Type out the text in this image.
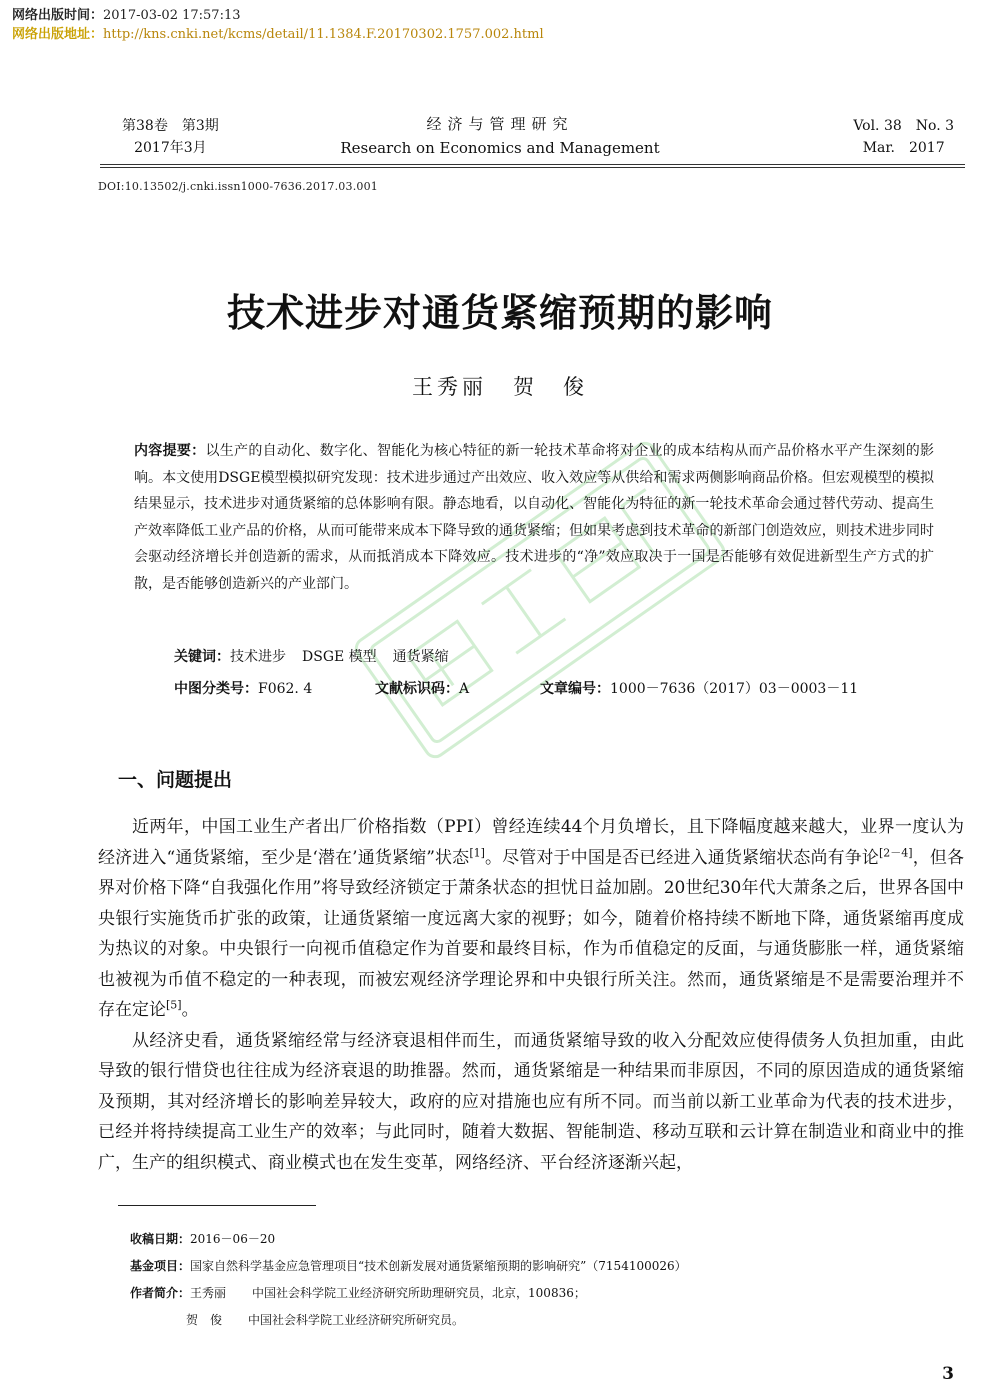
网络出版时间：2017-03-02 17:57:13
网络出版地址：http://kns.cnki.net/kcms/detail/11.1384.F.20170302.1757.002.html
第38卷　第3期
2017年3月
经济与管理研究
Research on Economics and Management
Vol. 38　No. 3
Mar.　2017
DOI:10.13502/j.cnki.issn1000-7636.2017.03.001
技术进步对通货紧缩预期的影响
王秀丽 贺　俊
内容提要：以生产的自动化、数字化、智能化为核心特征的新一轮技术革命将对企业的成本结构从而产品价格水平产生深刻的影响。本文使用DSGE模型模拟研究发现：技术进步通过产出效应、收入效应等从供给和需求两侧影响商品价格。但宏观模型的模拟结果显示，技术进步对通货紧缩的总体影响有限。静态地看，以自动化、智能化为特征的新一轮技术革命会通过替代劳动、提高生产效率降低工业产品的价格，从而可能带来成本下降导致的通货紧缩；但如果考虑到技术革命的新部门创造效应，则技术进步同时会驱动经济增长并创造新的需求，从而抵消成本下降效应。技术进步的“净”效应取决于一国是否能够有效促进新型生产方式的扩散，是否能够创造新兴的产业部门。
关键词：技术进步 DSGE 模型 通货紧缩
中图分类号：F062. 4	文献标识码：A	文章编号：1000－7636（2017）03－0003－11
一、问题提出

近两年，中国工业生产者出厂价格指数（PPI）曾经连续44个月负增长，且下降幅度越来越大，业界一度认为经济进入“通货紧缩，至少是‘潜在’通货紧缩”状态[1]。尽管对于中国是否已经进入通货紧缩状态尚有争论[2－4]，但各界对价格下降“自我强化作用”将导致经济锁定于萧条状态的担忧日益加剧。20世纪30年代大萧条之后，世界各国中央银行实施货币扩张的政策，让通货紧缩一度远离大家的视野；如今，随着价格持续不断地下降，通货紧缩再度成为热议的对象。中央银行一向视币值稳定作为首要和最终目标，作为币值稳定的反面，与通货膨胀一样，通货紧缩也被视为币值不稳定的一种表现，而被宏观经济学理论界和中央银行所关注。然而，通货紧缩是不是需要治理并不存在定论[5]。

从经济史看，通货紧缩经常与经济衰退相伴而生，而通货紧缩导致的收入分配效应使得债务人负担加重，由此导致的银行惜贷也往往成为经济衰退的助推器。然而，通货紧缩是一种结果而非原因，不同的原因造成的通货紧缩及预期，其对经济增长的影响差异较大，政府的应对措施也应有所不同。而当前以新工业革命为代表的技术进步，已经并将持续提高工业生产的效率；与此同时，随着大数据、智能制造、移动互联和云计算在制造业和商业中的推广，生产的组织模式、商业模式也在发生变革，网络经济、平台经济逐渐兴起，

收稿日期：2016－06－20
基金项目：国家自然科学基金应急管理项目“技术创新发展对通货紧缩预期的影响研究”（7154100026）
作者简介：王秀丽 中国社会科学院工业经济研究所助理研究员，北京，100836；
贺　俊 中国社会科学院工业经济研究所研究员。
3
